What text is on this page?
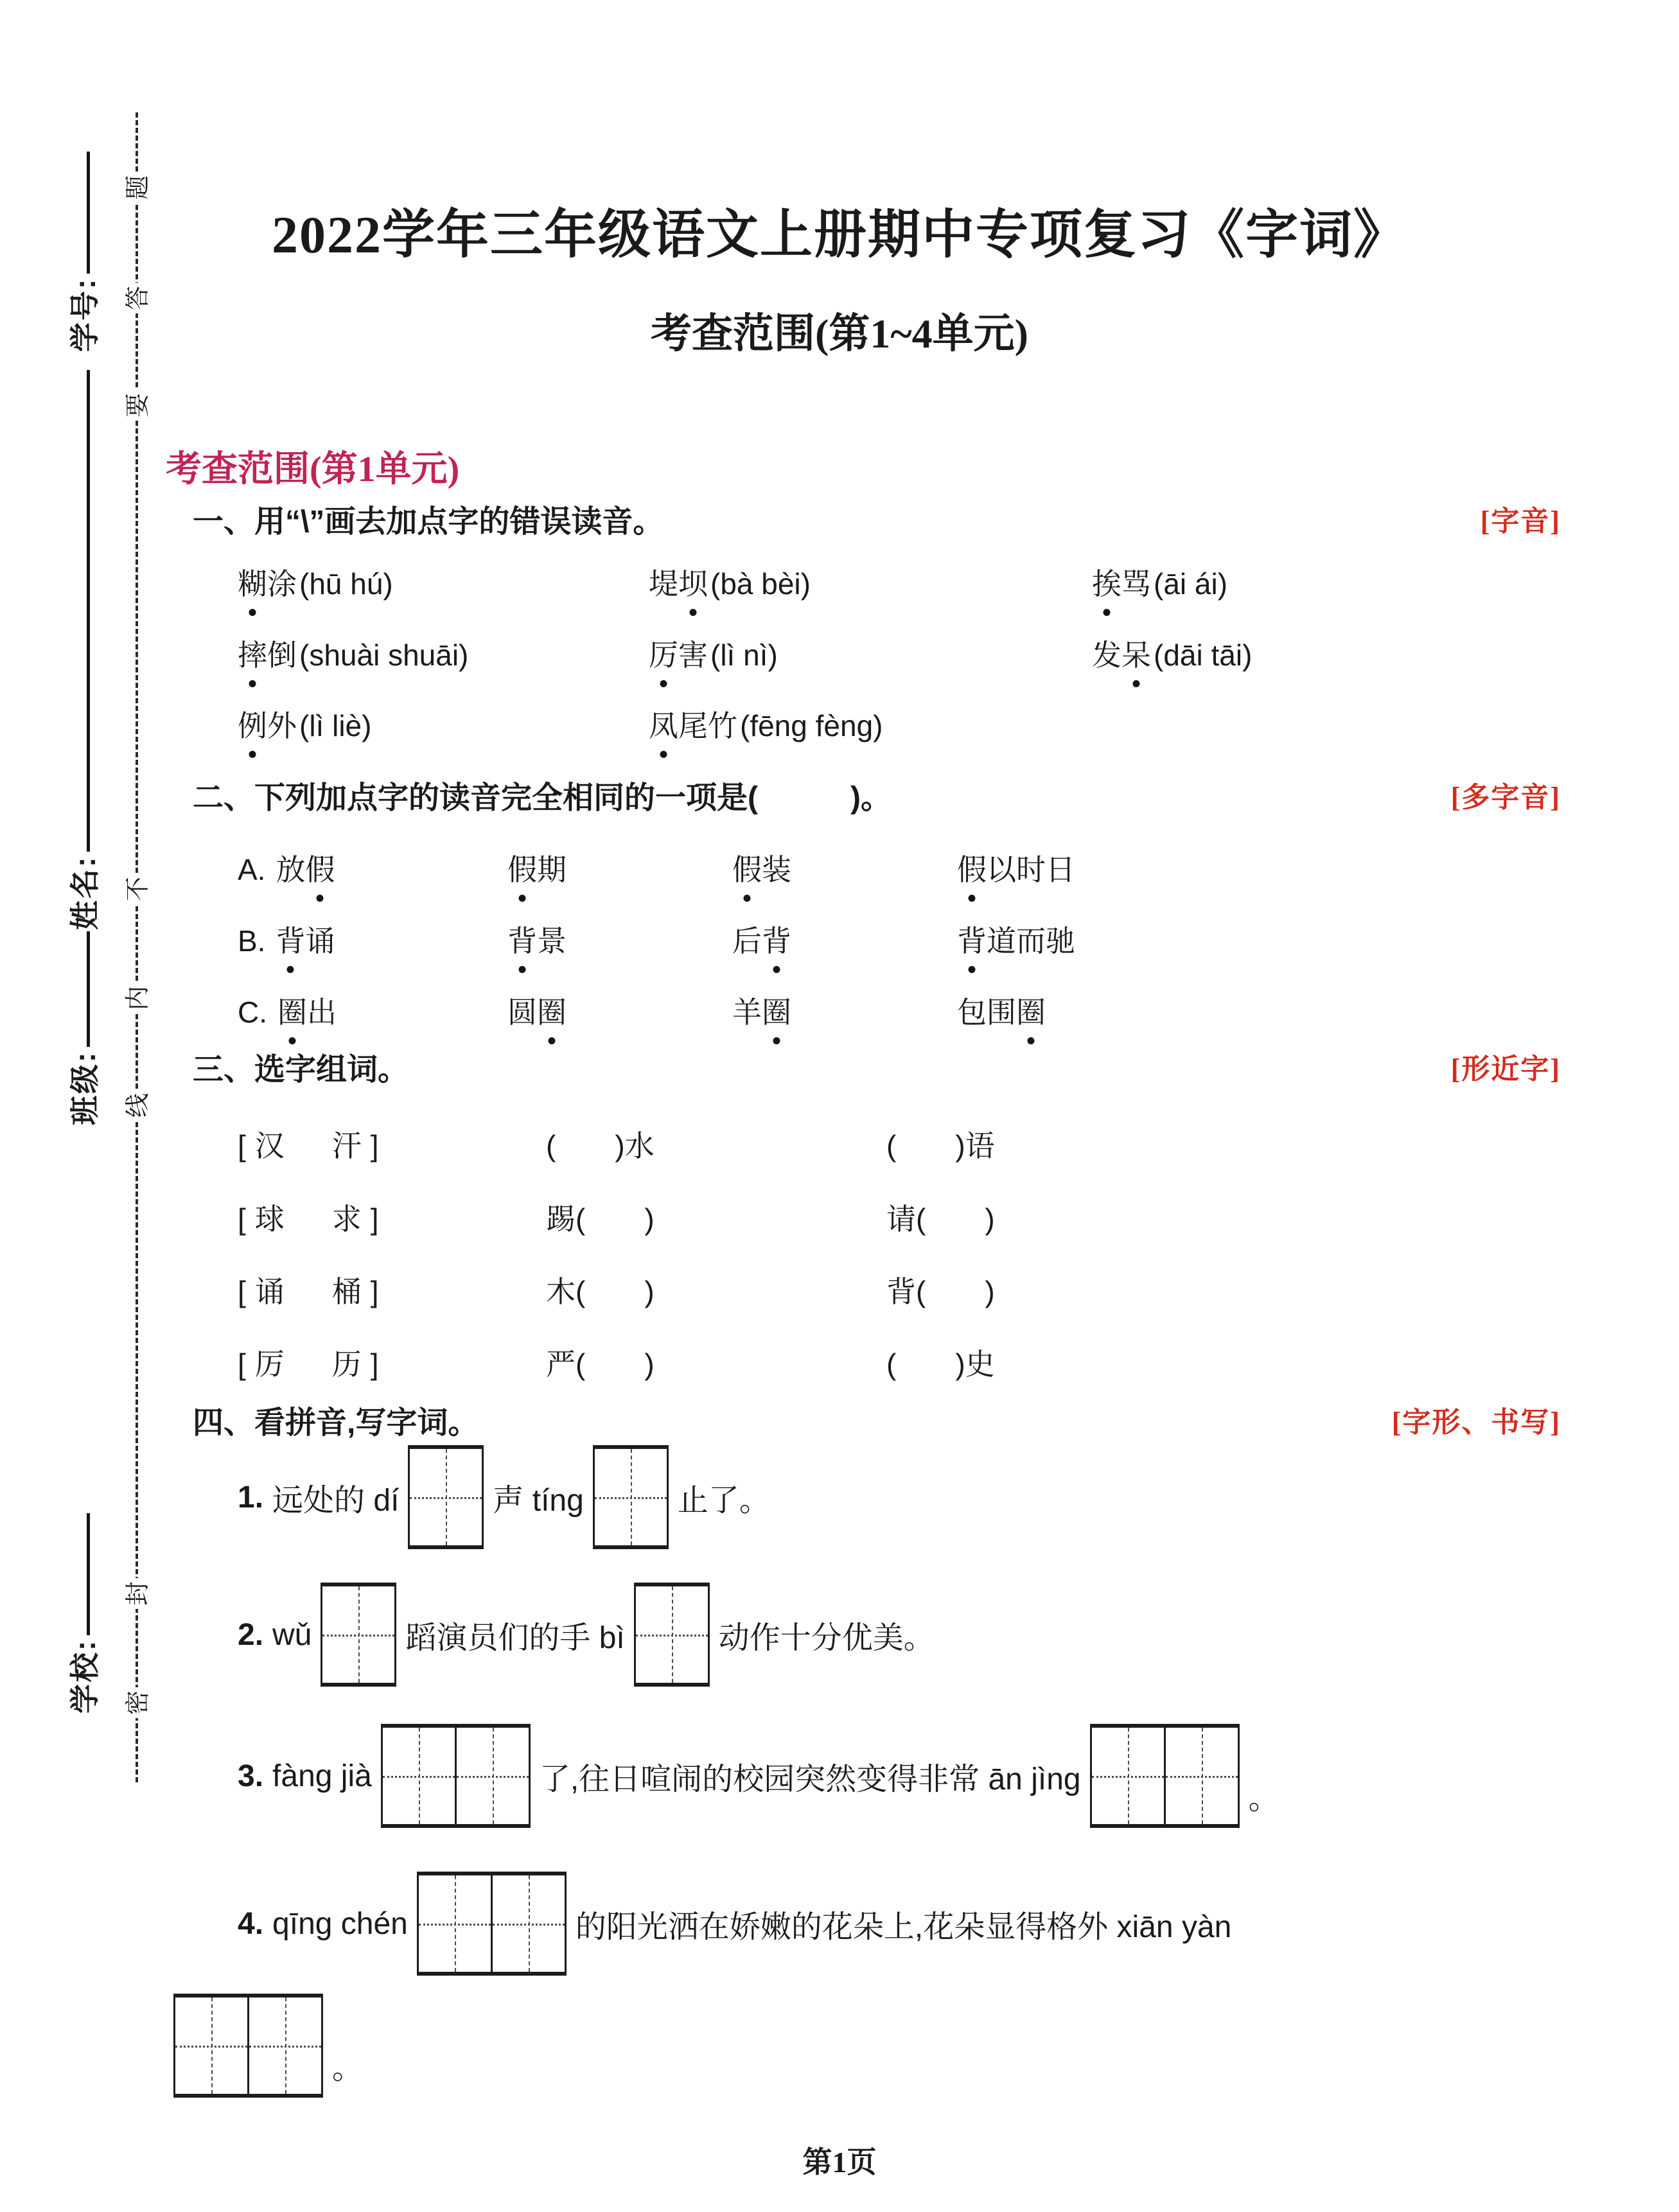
题
答
要
不
内
线
封
密
学号:
姓名:
班级:
学校:
2022学年三年级语文上册期中专项复习《字词》
考查范围(第1~4单元)
考查范围(第1单元)
一、用“\”画去加点字的错误读音。	[字音]
糊涂(hū hú)	堤坝(bà bèi)	挨骂(āi ái)
摔倒(shuài shuāi)	厉害(lì nì)	发呆(dāi tāi)
例外(lì liè)	凤尾竹(fēng fèng)
二、下列加点字的读音完全相同的一项是(　　　)。	[多字音]
A. 放假	假期	假装	假以时日
B. 背诵	背景	后背	背道而驰
C. 圈出	圆圈	羊圈	包围圈
三、选字组词。	[形近字]
[汉　汗]	(　　)水	(　　)语
[球　求]	踢(　　)	请(　　)
[诵　桶]	木(　　)	背(　　)
[厉　历]	严(　　)	(　　)史
四、看拼音,写字词。	[字形、书写]
1. 远处的 dí	声 tíng	止了。
2. wǔ	蹈演员们的手 bì	动作十分优美。
3. fàng jià	了,往日喧闹的校园突然变得非常 ān jìng
。
4. qīng chén	的阳光洒在娇嫩的花朵上,花朵显得格外 xiān yàn
。
第1页
